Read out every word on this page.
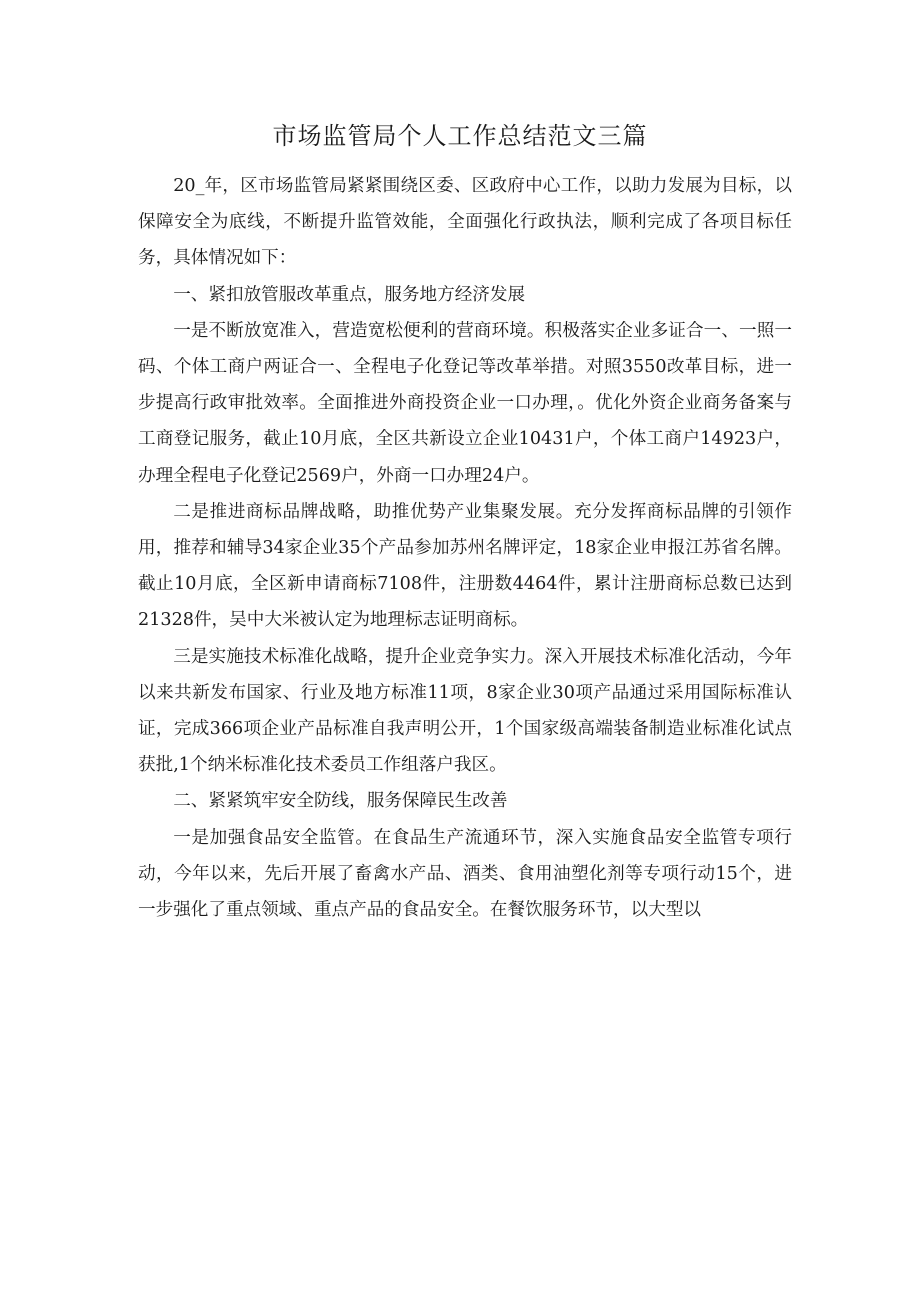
市场监管局个人工作总结范文三篇

20_年，区市场监管局紧紧围绕区委、区政府中心工作，以助力发展为目标，以保障安全为底线，不断提升监管效能，全面强化行政执法，顺利完成了各项目标任务，具体情况如下：

一、紧扣放管服改革重点，服务地方经济发展

一是不断放宽准入，营造宽松便利的营商环境。积极落实企业多证合一、一照一码、个体工商户两证合一、全程电子化登记等改革举措。对照3550改革目标，进一步提高行政审批效率。全面推进外商投资企业一口办理，。优化外资企业商务备案与工商登记服务，截止10月底，全区共新设立企业10431户，个体工商户14923户，办理全程电子化登记2569户，外商一口办理24户。

二是推进商标品牌战略，助推优势产业集聚发展。充分发挥商标品牌的引领作用，推荐和辅导34家企业35个产品参加苏州名牌评定，18家企业申报江苏省名牌。截止10月底，全区新申请商标7108件，注册数4464件，累计注册商标总数已达到21328件，吴中大米被认定为地理标志证明商标。

三是实施技术标准化战略，提升企业竞争实力。深入开展技术标准化活动，今年以来共新发布国家、行业及地方标准11项，8家企业30项产品通过采用国际标准认证，完成366项企业产品标准自我声明公开，1个国家级高端装备制造业标准化试点获批,1个纳米标准化技术委员工作组落户我区。

二、紧紧筑牢安全防线，服务保障民生改善

一是加强食品安全监管。在食品生产流通环节，深入实施食品安全监管专项行动，今年以来，先后开展了畜禽水产品、酒类、食用油塑化剂等专项行动15个，进一步强化了重点领域、重点产品的食品安全。在餐饮服务环节，以大型以
